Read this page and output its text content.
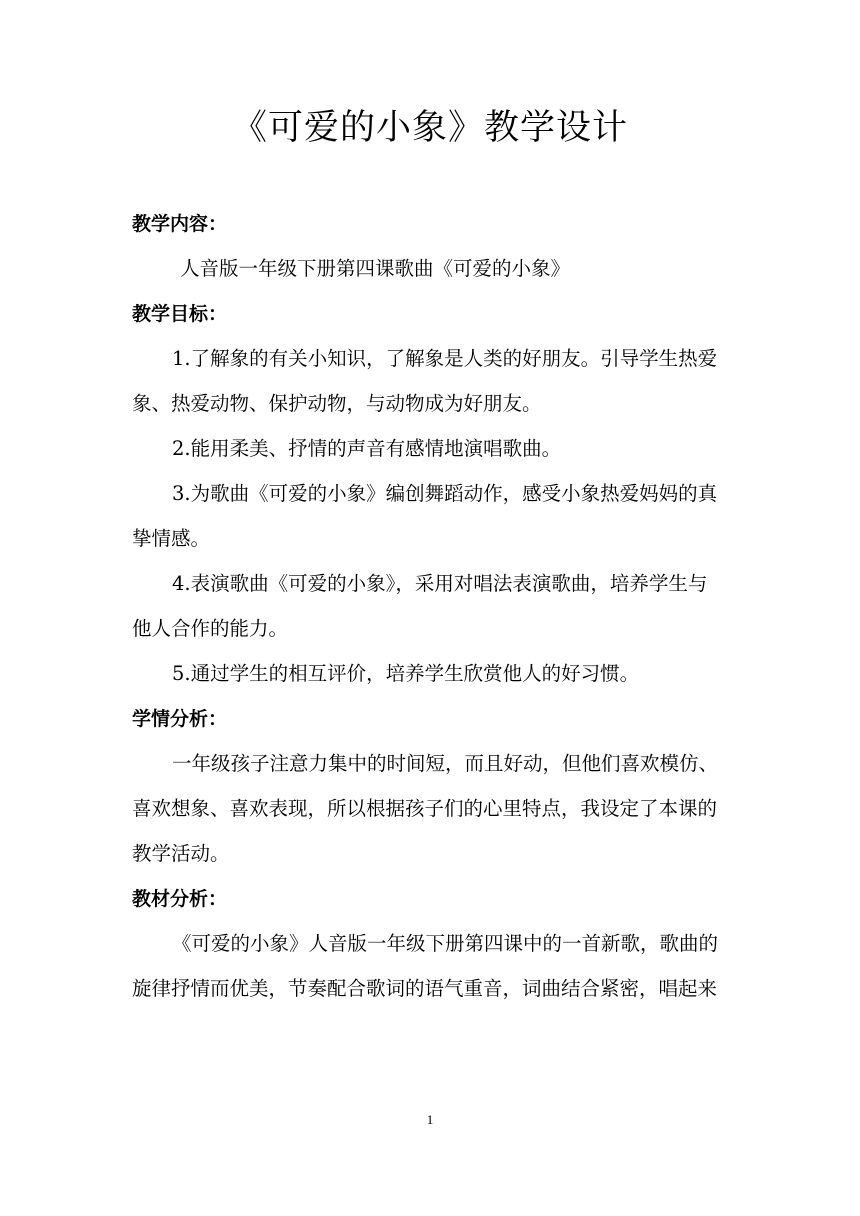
《可爱的小象》教学设计
教学内容：
人音版一年级下册第四课歌曲《可爱的小象》
教学目标：
1.了解象的有关小知识，了解象是人类的好朋友。引导学生热爱
象、热爱动物、保护动物，与动物成为好朋友。
2.能用柔美、抒情的声音有感情地演唱歌曲。
3.为歌曲《可爱的小象》编创舞蹈动作，感受小象热爱妈妈的真
挚情感。
4.表演歌曲《可爱的小象》，采用对唱法表演歌曲，培养学生与
他人合作的能力。
5.通过学生的相互评价，培养学生欣赏他人的好习惯。
学情分析：
一年级孩子注意力集中的时间短，而且好动，但他们喜欢模仿、
喜欢想象、喜欢表现，所以根据孩子们的心里特点，我设定了本课的
教学活动。
教材分析：
《可爱的小象》人音版一年级下册第四课中的一首新歌，歌曲的
旋律抒情而优美，节奏配合歌词的语气重音，词曲结合紧密，唱起来
1
